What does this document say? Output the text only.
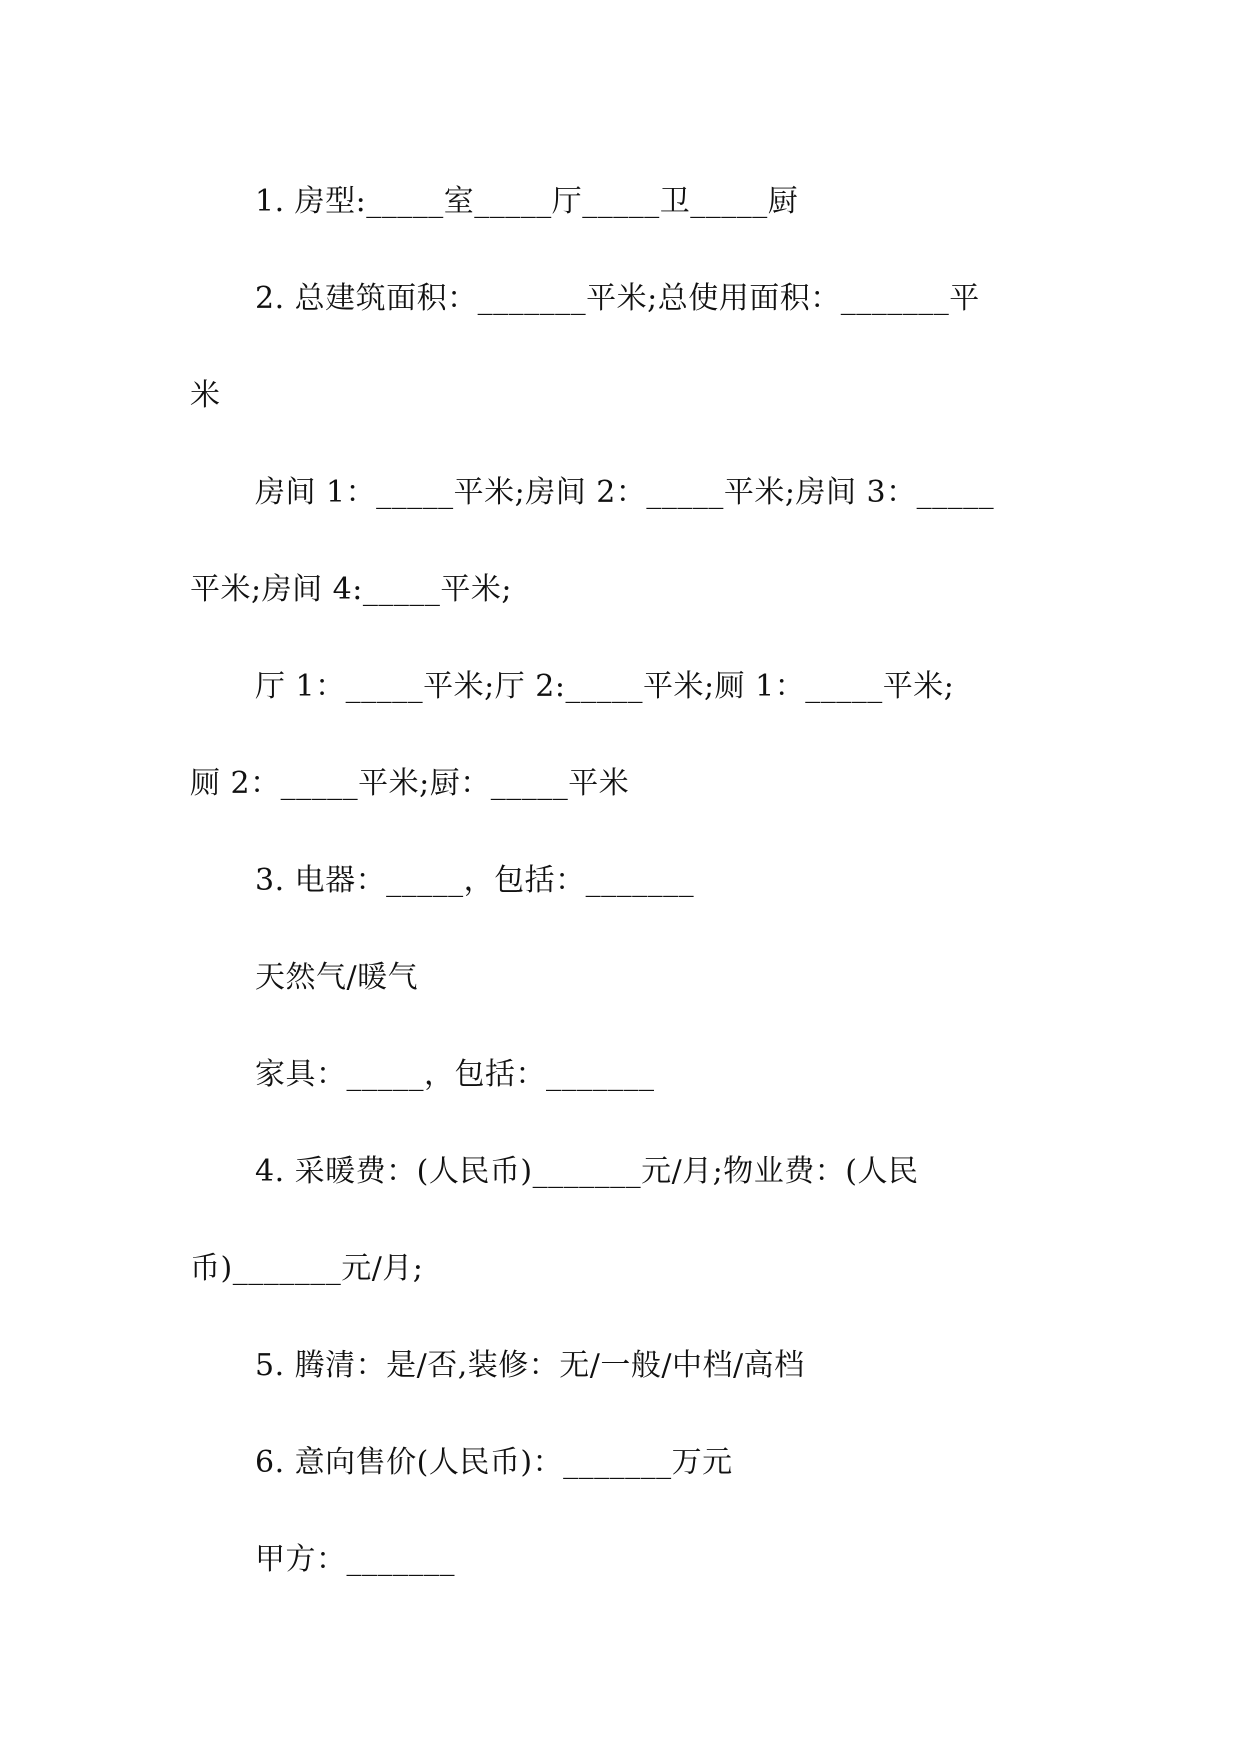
1. 房型:_____室_____厅_____卫_____厨
2. 总建筑面积：_______平米;总使用面积：_______平
米
房间 1：_____平米;房间 2：_____平米;房间 3：_____
平米;房间 4:_____平米;
厅 1：_____平米;厅 2:_____平米;厕 1：_____平米;
厕 2：_____平米;厨：_____平米
3. 电器：_____，包括：_______
天然气/暖气
家具：_____，包括：_______
4. 采暖费：(人民币)_______元/月;物业费：(人民
币)_______元/月;
5. 腾清：是/否,装修：无/一般/中档/高档
6. 意向售价(人民币)：_______万元
甲方：_______
